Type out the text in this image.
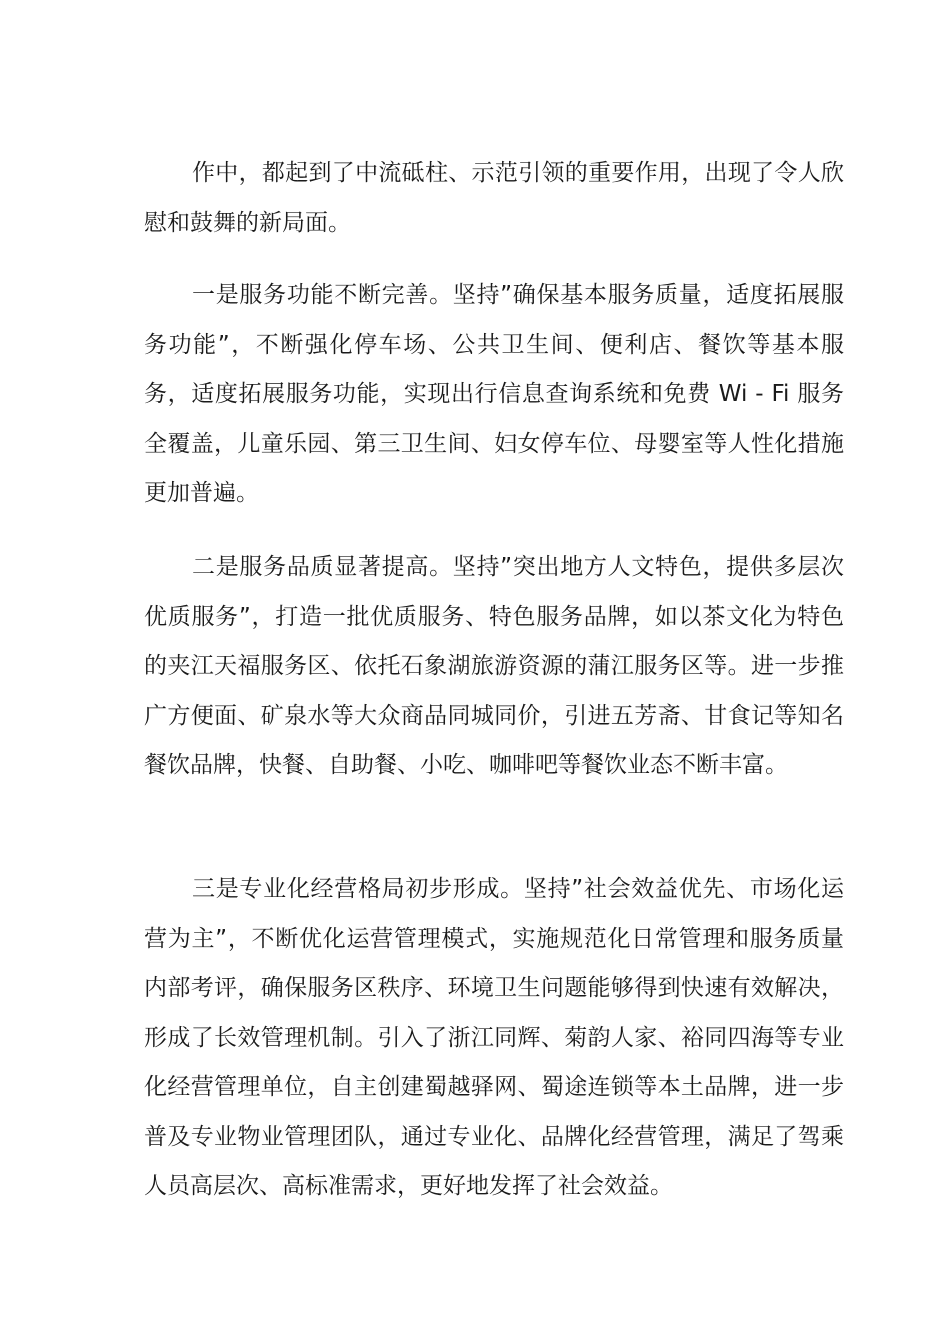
作中，都起到了中流砥柱、示范引领的重要作用，出现了令人欣慰和鼓舞的新局面。

一是服务功能不断完善。坚持”确保基本服务质量，适度拓展服务功能”，不断强化停车场、公共卫生间、便利店、餐饮等基本服务，适度拓展服务功能，实现出行信息查询系统和免费 Wi - Fi 服务全覆盖，儿童乐园、第三卫生间、妇女停车位、母婴室等人性化措施更加普遍。

二是服务品质显著提高。坚持”突出地方人文特色，提供多层次优质服务”，打造一批优质服务、特色服务品牌，如以茶文化为特色的夹江天福服务区、依托石象湖旅游资源的蒲江服务区等。进一步推广方便面、矿泉水等大众商品同城同价，引进五芳斋、甘食记等知名餐饮品牌，快餐、自助餐、小吃、咖啡吧等餐饮业态不断丰富。

三是专业化经营格局初步形成。坚持”社会效益优先、市场化运营为主”，不断优化运营管理模式，实施规范化日常管理和服务质量内部考评，确保服务区秩序、环境卫生问题能够得到快速有效解决，形成了长效管理机制。引入了浙江同辉、菊韵人家、裕同四海等专业化经营管理单位，自主创建蜀越驿网、蜀途连锁等本土品牌，进一步普及专业物业管理团队，通过专业化、品牌化经营管理，满足了驾乘人员高层次、高标准需求，更好地发挥了社会效益。
